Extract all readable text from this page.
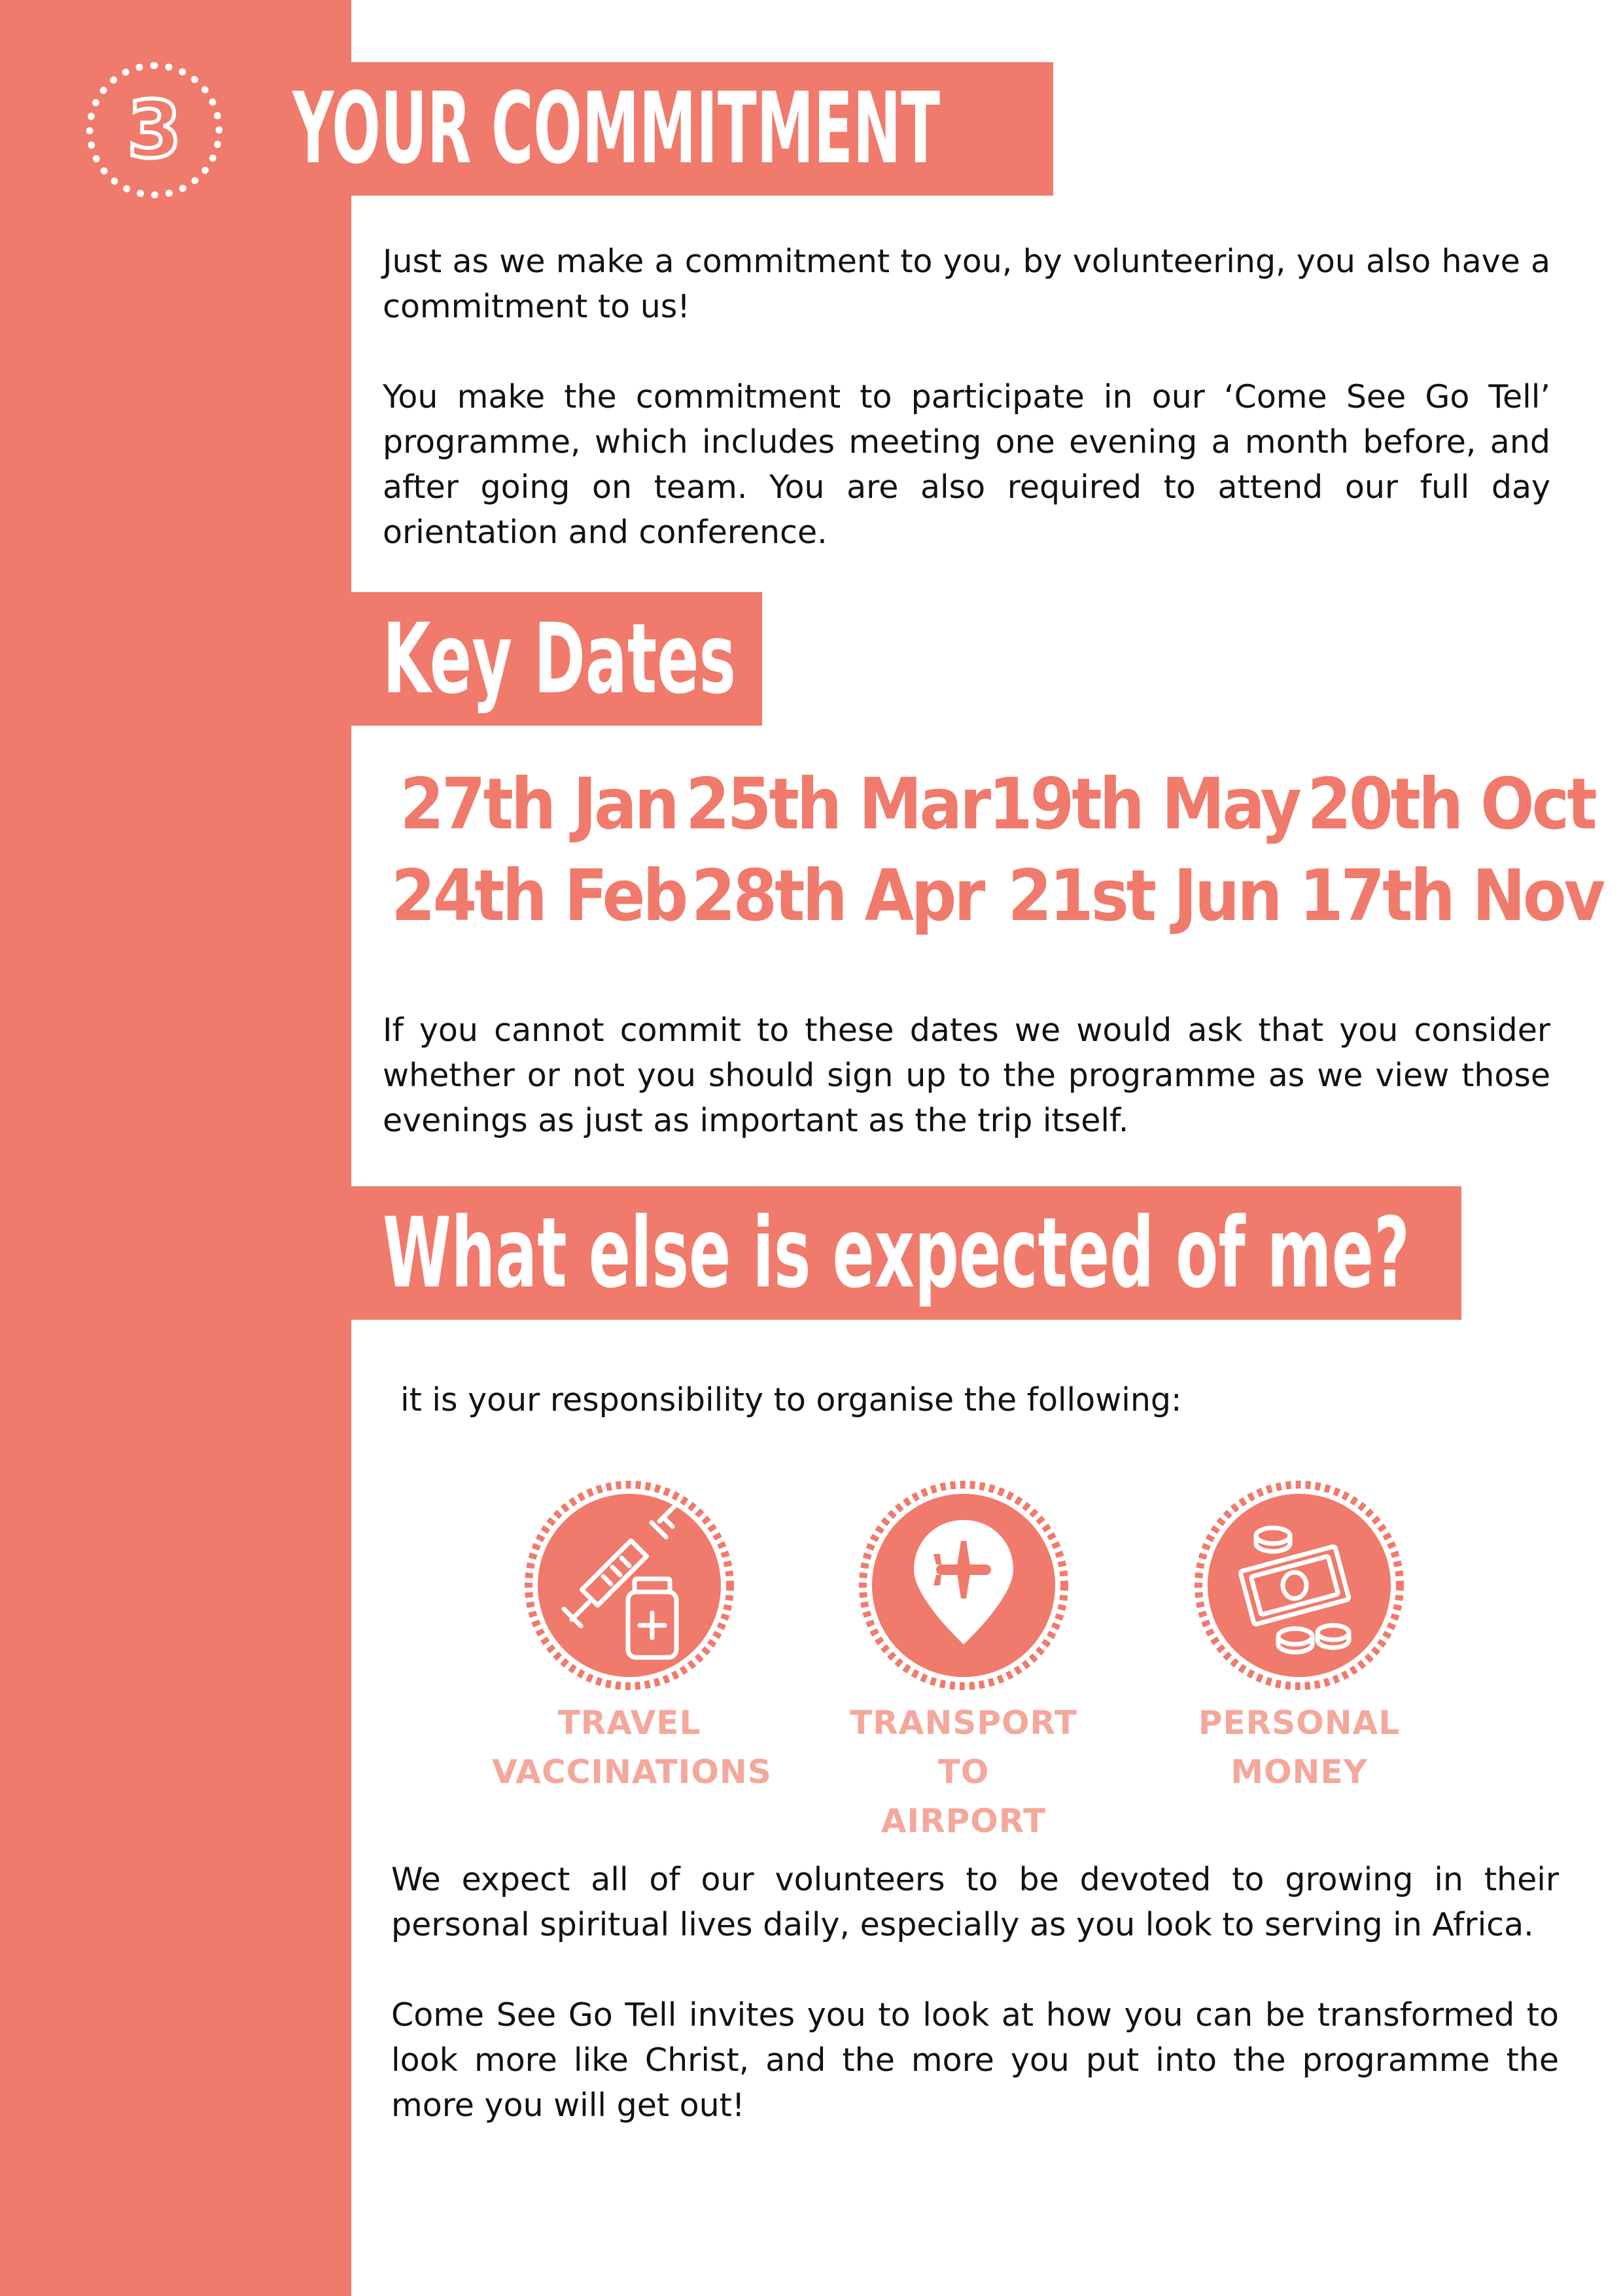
3	YOUR COMMITMENT

Just as we make a commitment to you, by volunteering, you also have a commitment to us!

You make the commitment to participate in our ‘Come See Go Tell’ programme, which includes meeting one evening a month before, and after going on team. You are also required to attend our full day orientation and conference.

Key Dates
27th Jan 25th Mar 19th May 20th Oct
24th Feb 28th Apr 21st Jun 17th Nov

If you cannot commit to these dates we would ask that you consider whether or not you should sign up to the programme as we view those evenings as just as important as the trip itself.

What else is expected of me?

it is your responsibility to organise the following:

TRAVEL
VACCINATIONS
TRANSPORT TO
AIRPORT
PERSONAL
MONEY

We expect all of our volunteers to be devoted to growing in their personal spiritual lives daily, especially as you look to serving in Africa.

Come See Go Tell invites you to look at how you can be transformed to look more like Christ, and the more you put into the programme the more you will get out!
